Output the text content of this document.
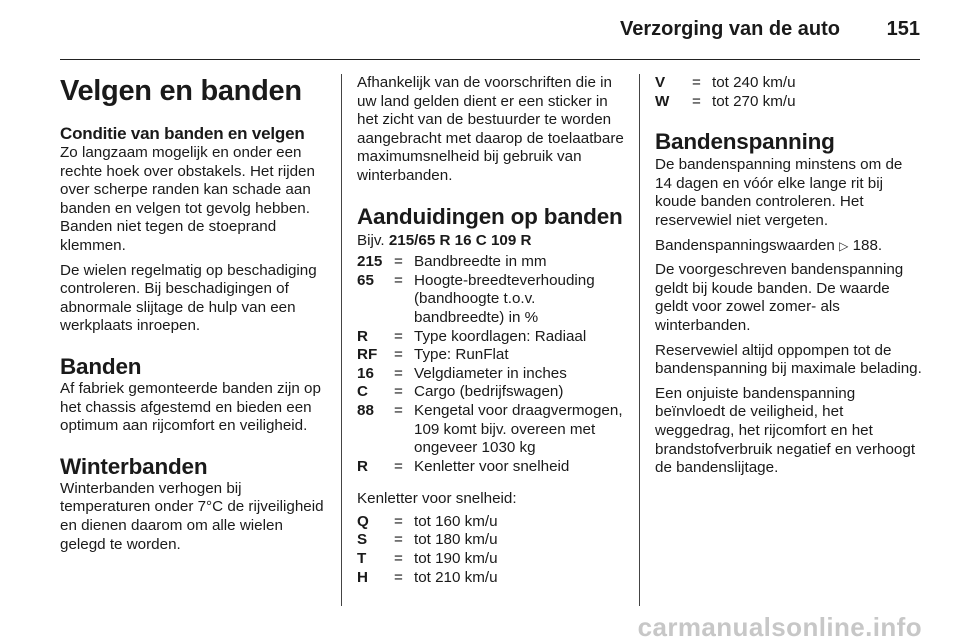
Verzorging van de auto	151
Velgen en banden
Conditie van banden en velgen

Zo langzaam mogelijk en onder een rechte hoek over obstakels. Het rijden over scherpe randen kan schade aan banden en velgen tot gevolg hebben. Banden niet tegen de stoeprand klemmen.

De wielen regelmatig op beschadiging controleren. Bij beschadigingen of abnormale slijtage de hulp van een werkplaats inroepen.

Banden

Af fabriek gemonteerde banden zijn op het chassis afgestemd en bieden een optimum aan rijcomfort en veiligheid.

Winterbanden

Winterbanden verhogen bij temperaturen onder 7°C de rijveiligheid en dienen daarom om alle wielen gelegd te worden.

Afhankelijk van de voorschriften die in uw land gelden dient er een sticker in het zicht van de bestuurder te worden aangebracht met daarop de toelaatbare maximumsnelheid bij gebruik van winterbanden.

Aanduidingen op banden

Bijv. 215/65 R 16 C 109 R

215 = Bandbreedte in mm
65	= Hoogte-breedteverhouding (bandhoogte t.o.v. bandbreedte) in %
R	= Type koordlagen: Radiaal
RF	= Type: RunFlat
16	= Velgdiameter in inches
C	= Cargo (bedrijfswagen)
88	= Kengetal voor draagvermogen, 109 komt bijv. overeen met ongeveer 1030 kg
R	= Kenletter voor snelheid

Kenletter voor snelheid:

Q	= tot 160 km/u
S	= tot 180 km/u
T	= tot 190 km/u
H	= tot 210 km/u
V	= tot 240 km/u
W	= tot 270 km/u
Bandenspanning

De bandenspanning minstens om de 14 dagen en vóór elke lange rit bij koude banden controleren. Het reservewiel niet vergeten.

Bandenspanningswaarden ▷ 188.

De voorgeschreven bandenspanning geldt bij koude banden. De waarde geldt voor zowel zomer- als winterbanden.

Reservewiel altijd oppompen tot de bandenspanning bij maximale belading.

Een onjuiste bandenspanning beïnvloedt de veiligheid, het weggedrag, het rijcomfort en het brandstofverbruik negatief en verhoogt de bandenslijtage.

carmanualsonline.info
